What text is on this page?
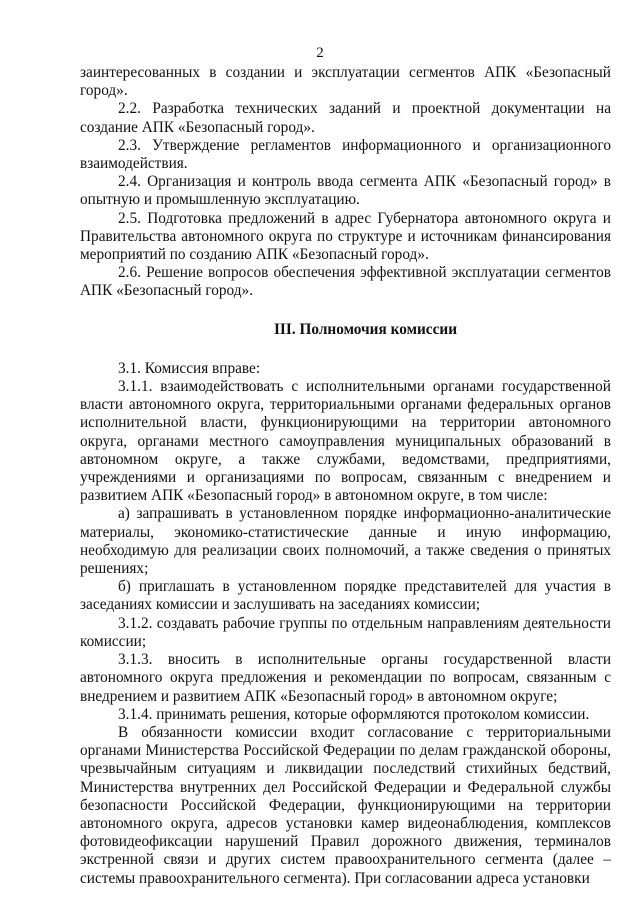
2

заинтересованных в создании и эксплуатации сегментов АПК «Безопасный город».

2.2. Разработка технических заданий и проектной документации на создание АПК «Безопасный город».

2.3. Утверждение регламентов информационного и организационного взаимодействия.

2.4. Организация и контроль ввода сегмента АПК «Безопасный город» в опытную и промышленную эксплуатацию.

2.5. Подготовка предложений в адрес Губернатора автономного округа и Правительства автономного округа по структуре и источникам финансирования мероприятий по созданию АПК «Безопасный город».

2.6. Решение вопросов обеспечения эффективной эксплуатации сегментов АПК «Безопасный город».

III. Полномочия комиссии

3.1. Комиссия вправе:

3.1.1. взаимодействовать с исполнительными органами государственной власти автономного округа, территориальными органами федеральных органов исполнительной власти, функционирующими на территории автономного округа, органами местного самоуправления муниципальных образований в автономном округе, а также службами, ведомствами, предприятиями, учреждениями и организациями по вопросам, связанным с внедрением и развитием АПК «Безопасный город» в автономном округе, в том числе:

а) запрашивать в установленном порядке информационно-аналитические материалы, экономико-статистические данные и иную информацию, необходимую для реализации своих полномочий, а также сведения о принятых решениях;

б) приглашать в установленном порядке представителей для участия в заседаниях комиссии и заслушивать на заседаниях комиссии;

3.1.2. создавать рабочие группы по отдельным направлениям деятельности комиссии;

3.1.3. вносить в исполнительные органы государственной власти автономного округа предложения и рекомендации по вопросам, связанным с внедрением и развитием АПК «Безопасный город» в автономном округе;

3.1.4. принимать решения, которые оформляются протоколом комиссии.

В обязанности комиссии входит согласование с территориальными органами Министерства Российской Федерации по делам гражданской обороны, чрезвычайным ситуациям и ликвидации последствий стихийных бедствий, Министерства внутренних дел Российской Федерации и Федеральной службы безопасности Российской Федерации, функционирующими на территории автономного округа, адресов установки камер видеонаблюдения, комплексов фотовидеофиксации нарушений Правил дорожного движения, терминалов экстренной связи и других систем правоохранительного сегмента (далее – системы правоохранительного сегмента). При согласовании адреса установки
